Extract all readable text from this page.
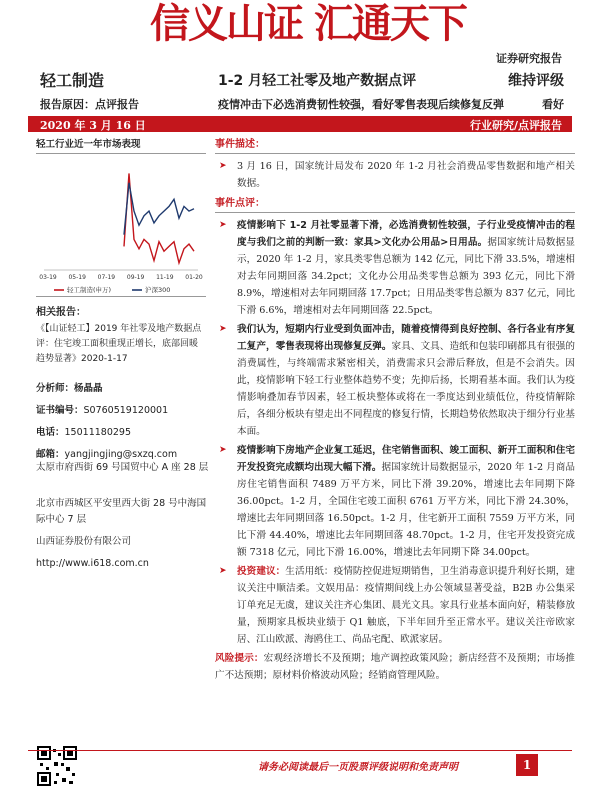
信义山证 汇通天下
证券研究报告
轻工制造	1-2 月轻工社零及地产数据点评	维持评级
报告原因：点评报告	疫情冲击下必选消费韧性较强，看好零售表现后续修复反弹	看好
2020 年 3 月 16 日	行业研究/点评报告
轻工行业近一年市场表现
03-19 05-19 07-19 09-19 11-19 01-20
轻工制造(申万)	沪深300
相关报告：
《【山证轻工】2019 年社零及地产数据点评：住宅竣工面积重现正增长，底部回暖趋势显著》2020-1-17
分析师：杨晶晶
证书编号：S0760519120001
电话：15011180295
邮箱：yangjingjing@sxzq.com
太原市府西街 69 号国贸中心 A 座 28 层
北京市西城区平安里西大街 28 号中海国际中心 7 层
山西证券股份有限公司
http://www.i618.com.cn
事件描述：
➤ 3 月 16 日，国家统计局发布 2020 年 1-2 月社会消费品零售数据和地产相关数据。
事件点评：
➤ 疫情影响下 1-2 月社零显著下滑，必选消费韧性较强，子行业受疫情冲击的程度与我们之前的判断一致：家具>文化办公用品>日用品。据国家统计局数据显示，2020 年 1-2 月，家具类零售总额为 142 亿元，同比下滑 33.5%，增速相对去年同期回落 34.2pct；文化办公用品类零售总额为 393 亿元，同比下滑 8.9%，增速相对去年同期回落 17.7pct；日用品类零售总额为 837 亿元，同比下滑 6.6%，增速相对去年同期回落 22.5pct。
➤ 我们认为，短期内行业受到负面冲击，随着疫情得到良好控制、各行各业有序复工复产，零售表现将出现修复反弹。家具、文具、造纸和包装印刷都具有很强的消费属性，与终端需求紧密相关，消费需求只会滞后释放，但是不会消失。因此，疫情影响下轻工行业整体趋势不变；先抑后扬，长期看基本面。我们认为疫情影响叠加春节因素，轻工板块整体或将在一季度达到业绩低位，待疫情解除后，各细分板块有望走出不同程度的修复行情，长期趋势依然取决于细分行业基本面。
➤ 疫情影响下房地产企业复工延迟，住宅销售面积、竣工面积、新开工面积和住宅开发投资完成额均出现大幅下滑。据国家统计局数据显示，2020 年 1-2 月商品房住宅销售面积 7489 万平方米，同比下滑 39.20%，增速比去年同期下降 36.00pct。1-2 月，全国住宅竣工面积 6761 万平方米，同比下滑 24.30%，增速比去年同期回落 16.50pct。1-2 月，住宅新开工面积 7559 万平方米，同比下滑 44.40%，增速比去年同期回落 48.70pct。1-2 月，住宅开发投资完成额 7318 亿元，同比下滑 16.00%，增速比去年同期下降 34.00pct。
➤ 投资建议：生活用纸：疫情防控促进短期销售，卫生消毒意识提升利好长期，建议关注中顺洁柔。文娱用品：疫情期间线上办公领域显著受益，B2B 办公集采订单充足无虞，建议关注齐心集团、晨光文具。家具行业基本面向好，精装修放量，预期家具板块业绩于 Q1 触底，下半年回升至正常水平。建议关注帝欧家居、江山欧派、海鸥住工、尚品宅配、欧派家居。
风险提示：宏观经济增长不及预期；地产调控政策风险；新店经营不及预期；市场推广不达预期；原材料价格波动风险；经销商管理风险。
请务必阅读最后一页股票评级说明和免责声明	1
